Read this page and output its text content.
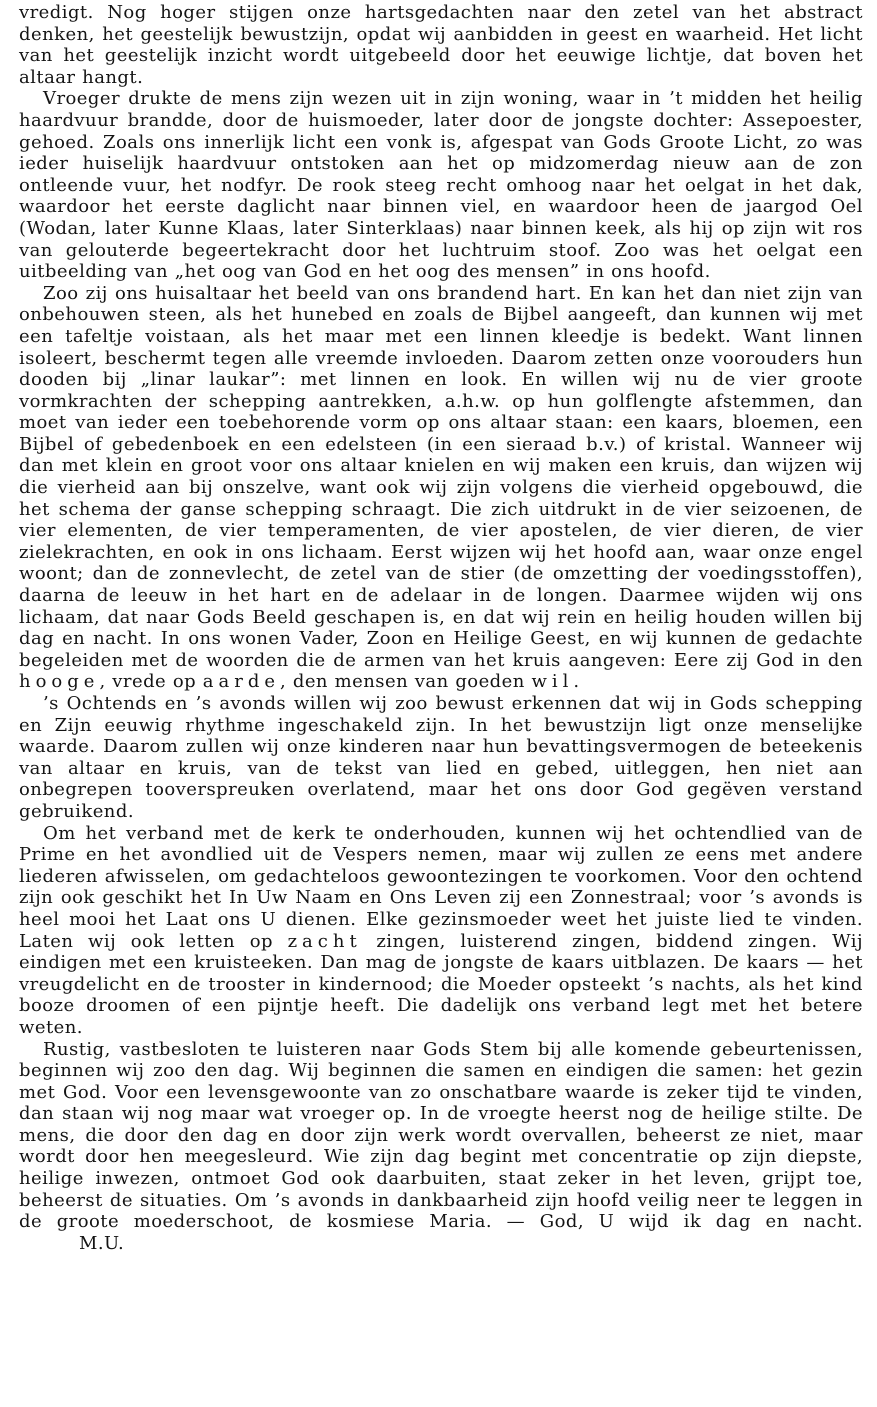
vredigt. Nog hoger stijgen onze hartsgedachten naar den zetel van het abstract denken, het geestelijk bewustzijn, opdat wij aanbidden in geest en waarheid. Het licht van het geestelijk inzicht wordt uitgebeeld door het eeuwige lichtje, dat boven het altaar hangt.

Vroeger drukte de mens zijn wezen uit in zijn woning, waar in ’t midden het heilig haardvuur brandde, door de huismoeder, later door de jongste dochter: Assepoester, gehoed. Zoals ons innerlijk licht een vonk is, afgespat van Gods Groote Licht, zo was ieder huiselijk haardvuur ontstoken aan het op midzomerdag nieuw aan de zon ontleende vuur, het nodfyr. De rook steeg recht omhoog naar het oelgat in het dak, waardoor het eerste daglicht naar binnen viel, en waardoor heen de jaargod Oel (Wodan, later Kunne Klaas, later Sinterklaas) naar binnen keek, als hij op zijn wit ros van gelouterde begeertekracht door het luchtruim stoof. Zoo was het oelgat een uitbeelding van „het oog van God en het oog des mensen” in ons hoofd.

Zoo zij ons huisaltaar het beeld van ons brandend hart. En kan het dan niet zijn van onbehouwen steen, als het hunebed en zoals de Bijbel aangeeft, dan kunnen wij met een tafeltje voistaan, als het maar met een linnen kleedje is bedekt. Want linnen isoleert, beschermt tegen alle vreemde invloeden. Daarom zetten onze voorouders hun dooden bij „linar laukar”: met linnen en look. En willen wij nu de vier groote vormkrachten der schepping aantrekken, a.h.w. op hun golflengte afstemmen, dan moet van ieder een toebehorende vorm op ons altaar staan: een kaars, bloemen, een Bijbel of gebedenboek en een edelsteen (in een sieraad b.v.) of kristal. Wanneer wij dan met klein en groot voor ons altaar knielen en wij maken een kruis, dan wijzen wij die vierheid aan bij onszelve, want ook wij zijn volgens die vierheid opgebouwd, die het schema der ganse schepping schraagt. Die zich uitdrukt in de vier seizoenen, de vier elementen, de vier temperamenten, de vier apostelen, de vier dieren, de vier zielekrachten, en ook in ons lichaam. Eerst wijzen wij het hoofd aan, waar onze engel woont; dan de zonnevlecht, de zetel van de stier (de omzetting der voedingsstoffen), daarna de leeuw in het hart en de adelaar in de longen. Daarmee wijden wij ons lichaam, dat naar Gods Beeld geschapen is, en dat wij rein en heilig houden willen bij dag en nacht. In ons wonen Vader, Zoon en Heilige Geest, en wij kunnen de gedachte begeleiden met de woorden die de armen van het kruis aangeven: Eere zij God in den hooge, vrede op aarde, den mensen van goeden wil.

’s Ochtends en ’s avonds willen wij zoo bewust erkennen dat wij in Gods schepping en Zijn eeuwig rhythme ingeschakeld zijn. In het bewustzijn ligt onze menselijke waarde. Daarom zullen wij onze kinderen naar hun bevattingsvermogen de beteekenis van altaar en kruis, van de tekst van lied en gebed, uitleggen, hen niet aan onbegrepen tooverspreuken overlatend, maar het ons door God gegëven verstand gebruikend.

Om het verband met de kerk te onderhouden, kunnen wij het ochtendlied van de Prime en het avondlied uit de Vespers nemen, maar wij zullen ze eens met andere liederen afwisselen, om gedachteloos gewoontezingen te voorkomen. Voor den ochtend zijn ook geschikt het In Uw Naam en Ons Leven zij een Zonnestraal; voor ’s avonds is heel mooi het Laat ons U dienen. Elke gezinsmoeder weet het juiste lied te vinden. Laten wij ook letten op zacht zingen, luisterend zingen, biddend zingen. Wij eindigen met een kruisteeken. Dan mag de jongste de kaars uitblazen. De kaars — het vreugdelicht en de trooster in kindernood; die Moeder opsteekt ’s nachts, als het kind booze droomen of een pijntje heeft. Die dadelijk ons verband legt met het betere weten.

Rustig, vastbesloten te luisteren naar Gods Stem bij alle komende gebeurtenissen, beginnen wij zoo den dag. Wij beginnen die samen en eindigen die samen: het gezin met God. Voor een levensgewoonte van zo onschatbare waarde is zeker tijd te vinden, dan staan wij nog maar wat vroeger op. In de vroegte heerst nog de heilige stilte. De mens, die door den dag en door zijn werk wordt overvallen, beheerst ze niet, maar wordt door hen meegesleurd. Wie zijn dag begint met concentratie op zijn diepste, heilige inwezen, ontmoet God ook daarbuiten, staat zeker in het leven, grijpt toe, beheerst de situaties. Om ’s avonds in dankbaarheid zijn hoofd veilig neer te leggen in de groote moederschoot, de kosmiese Maria. — God, U wijd ik dag en nacht.M.U.
